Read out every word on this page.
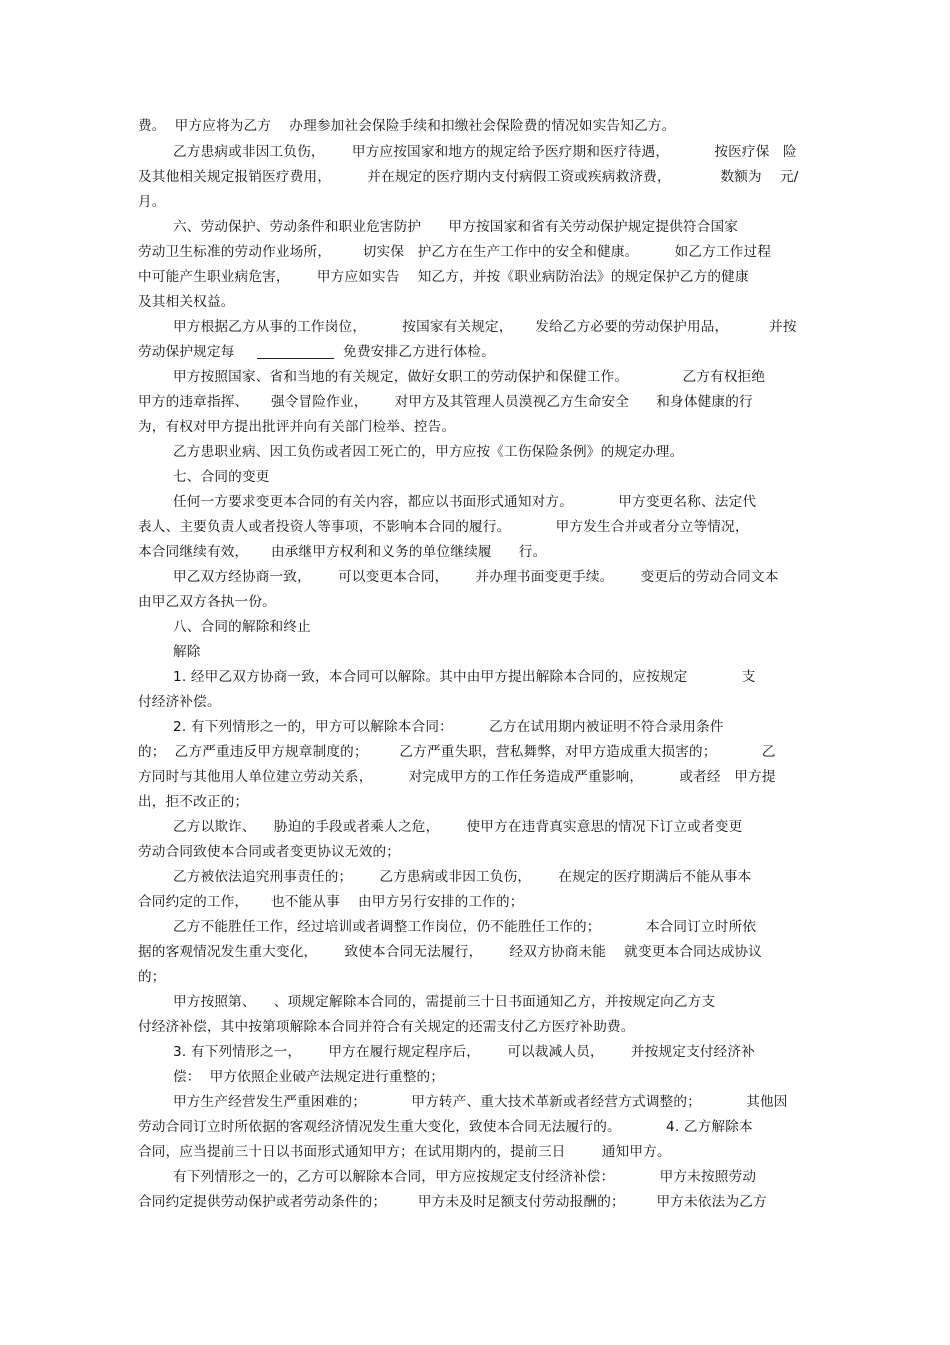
费。  甲方应将为乙方    办理参加社会保险手续和扣缴社会保险费的情况如实告知乙方。
乙方患病或非因工负伤，      甲方应按国家和地方的规定给予医疗期和医疗待遇，          按医疗保   险
及其他相关规定报销医疗费用，        并在规定的医疗期内支付病假工资或疾病救济费，           数额为    元/
月。
六、劳动保护、劳动条件和职业危害防护      甲方按国家和省有关劳动保护规定提供符合国家
劳动卫生标准的劳动作业场所，       切实保   护乙方在生产工作中的安全和健康。        如乙方工作过程
中可能产生职业病危害，      甲方应如实告    知乙方，并按《职业病防治法》的规定保护乙方的健康
及其相关权益。
甲方根据乙方从事的工作岗位，        按国家有关规定，     发给乙方必要的劳动保护用品，         并按
劳动保护规定每     ___________  免费安排乙方进行体检。
甲方按照国家、省和当地的有关规定，做好女职工的劳动保护和保健工作。            乙方有权拒绝
甲方的违章指挥、     强令冒险作业，      对甲方及其管理人员漠视乙方生命安全      和身体健康的行
为，有权对甲方提出批评并向有关部门检举、控告。
乙方患职业病、因工负伤或者因工死亡的，甲方应按《工伤保险条例》的规定办理。
七、合同的变更
任何一方要求变更本合同的有关内容，都应以书面形式通知对方。          甲方变更名称、法定代
表人、主要负责人或者投资人等事项，不影响本合同的履行。          甲方发生合并或者分立等情况，
本合同继续有效，     由承继甲方权利和义务的单位继续履      行。
甲乙双方经协商一致，      可以变更本合同，      并办理书面变更手续。      变更后的劳动合同文本
由甲乙双方各执一份。
八、合同的解除和终止
解除
1. 经甲乙双方协商一致，本合同可以解除。其中由甲方提出解除本合同的，应按规定            支
付经济补偿。
2. 有下列情形之一的，甲方可以解除本合同：        乙方在试用期内被证明不符合录用条件
的；  乙方严重违反甲方规章制度的；       乙方严重失职，营私舞弊，对甲方造成重大损害的；          乙
方同时与其他用人单位建立劳动关系，        对完成甲方的工作任务造成严重影响，        或者经   甲方提
出，拒不改正的；
乙方以欺诈、    胁迫的手段或者乘人之危，      使甲方在违背真实意思的情况下订立或者变更
劳动合同致使本合同或者变更协议无效的；
乙方被依法追究刑事责任的；      乙方患病或非因工负伤，      在规定的医疗期满后不能从事本
合同约定的工作，     也不能从事    由甲方另行安排的工作的；
乙方不能胜任工作，经过培训或者调整工作岗位，仍不能胜任工作的；          本合同订立时所依
据的客观情况发生重大变化，      致使本合同无法履行，      经双方协商未能    就变更本合同达成协议
的；
甲方按照第、    、项规定解除本合同的，需提前三十日书面通知乙方，并按规定向乙方支
付经济补偿，其中按第项解除本合同并符合有关规定的还需支付乙方医疗补助费。
3. 有下列情形之一，      甲方在履行规定程序后，      可以裁减人员，      并按规定支付经济补
偿：  甲方依照企业破产法规定进行重整的；
甲方生产经营发生严重困难的；          甲方转产、重大技术革新或者经营方式调整的；          其他因
劳动合同订立时所依据的客观经济情况发生重大变化，致使本合同无法履行的。          4. 乙方解除本
合同，应当提前三十日以书面形式通知甲方；在试用期内的，提前三日        通知甲方。
有下列情形之一的，乙方可以解除本合同，甲方应按规定支付经济补偿：          甲方未按照劳动
合同约定提供劳动保护或者劳动条件的；       甲方未及时足额支付劳动报酬的；       甲方未依法为乙方
